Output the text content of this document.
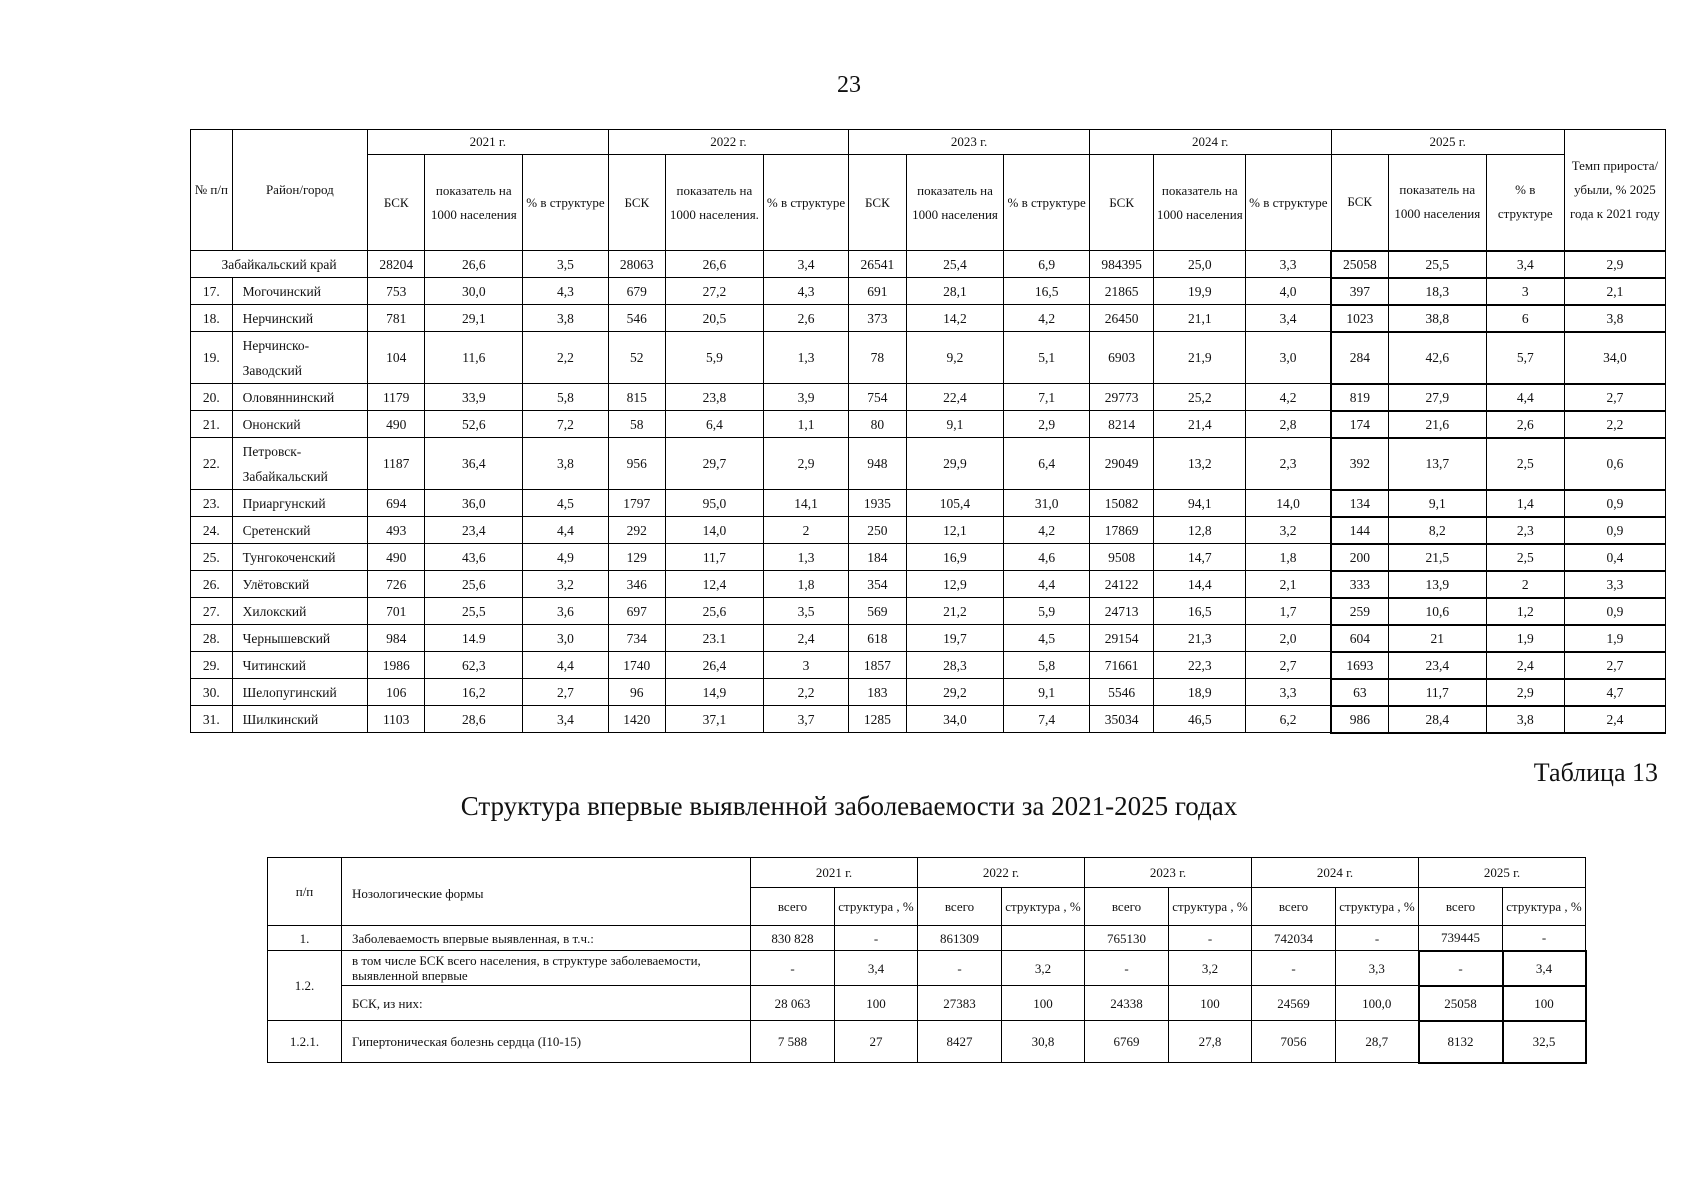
23
№ п/п	Район/город	2021 г.			2022 г.			2023 г.			2024 г.			2025 г.			Темп прироста/ убыли, % 2025 года к 2021 году
		БСК	показатель на 1000 населения	% в структуре	БСК	показатель на 1000 населения.	% в структуре	БСК	показатель на 1000 населения	% в структуре	БСК	показатель на 1000 населения	% в структуре	БСК	показатель на 1000 населения	% в структуре	
Забайкальский край		28204	26,6	3,5	28063	26,6	3,4	26541	25,4	6,9	984395	25,0	3,3	25058	25,5	3,4	2,9
17.	Могочинский	753	30,0	4,3	679	27,2	4,3	691	28,1	16,5	21865	19,9	4,0	397	18,3	3	2,1
18.	Нерчинский	781	29,1	3,8	546	20,5	2,6	373	14,2	4,2	26450	21,1	3,4	1023	38,8	6	3,8
19.	Нерчинско-Заводский	104	11,6	2,2	52	5,9	1,3	78	9,2	5,1	6903	21,9	3,0	284	42,6	5,7	34,0
20.	Оловяннинский	1179	33,9	5,8	815	23,8	3,9	754	22,4	7,1	29773	25,2	4,2	819	27,9	4,4	2,7
21.	Ононский	490	52,6	7,2	58	6,4	1,1	80	9,1	2,9	8214	21,4	2,8	174	21,6	2,6	2,2
22.	Петровск-Забайкальский	1187	36,4	3,8	956	29,7	2,9	948	29,9	6,4	29049	13,2	2,3	392	13,7	2,5	0,6
23.	Приаргунский	694	36,0	4,5	1797	95,0	14,1	1935	105,4	31,0	15082	94,1	14,0	134	9,1	1,4	0,9
24.	Сретенский	493	23,4	4,4	292	14,0	2	250	12,1	4,2	17869	12,8	3,2	144	8,2	2,3	0,9
25.	Тунгокоченский	490	43,6	4,9	129	11,7	1,3	184	16,9	4,6	9508	14,7	1,8	200	21,5	2,5	0,4
26.	Улётовский	726	25,6	3,2	346	12,4	1,8	354	12,9	4,4	24122	14,4	2,1	333	13,9	2	3,3
27.	Хилокский	701	25,5	3,6	697	25,6	3,5	569	21,2	5,9	24713	16,5	1,7	259	10,6	1,2	0,9
28.	Чернышевский	984	14.9	3,0	734	23.1	2,4	618	19,7	4,5	29154	21,3	2,0	604	21	1,9	1,9
29.	Читинский	1986	62,3	4,4	1740	26,4	3	1857	28,3	5,8	71661	22,3	2,7	1693	23,4	2,4	2,7
30.	Шелопугинский	106	16,2	2,7	96	14,9	2,2	183	29,2	9,1	5546	18,9	3,3	63	11,7	2,9	4,7
31.	Шилкинский	1103	28,6	3,4	1420	37,1	3,7	1285	34,0	7,4	35034	46,5	6,2	986	28,4	3,8	2,4
Таблица 13
Структура впервые выявленной заболеваемости за 2021-2025 годах
п/п	Нозологические формы	2021 г.		2022 г.		2023 г.		2024 г.		2025 г.	
		всего	структура , %	всего	структура , %	всего	структура , %	всего	структура , %	всего	структура , %
1.	Заболеваемость впервые выявленная, в т.ч.:	830 828	-	861309		765130	-	742034	-	739445	-
1.2.	в том числе БСК всего населения, в структуре заболеваемости, выявленной впервые	-	3,4	-	3,2	-	3,2	-	3,3	-	3,4
	БСК, из них:	28 063	100	27383	100	24338	100	24569	100,0	25058	100
1.2.1.	Гипертоническая болезнь сердца (I10-15)	7 588	27	8427	30,8	6769	27,8	7056	28,7	8132	32,5
